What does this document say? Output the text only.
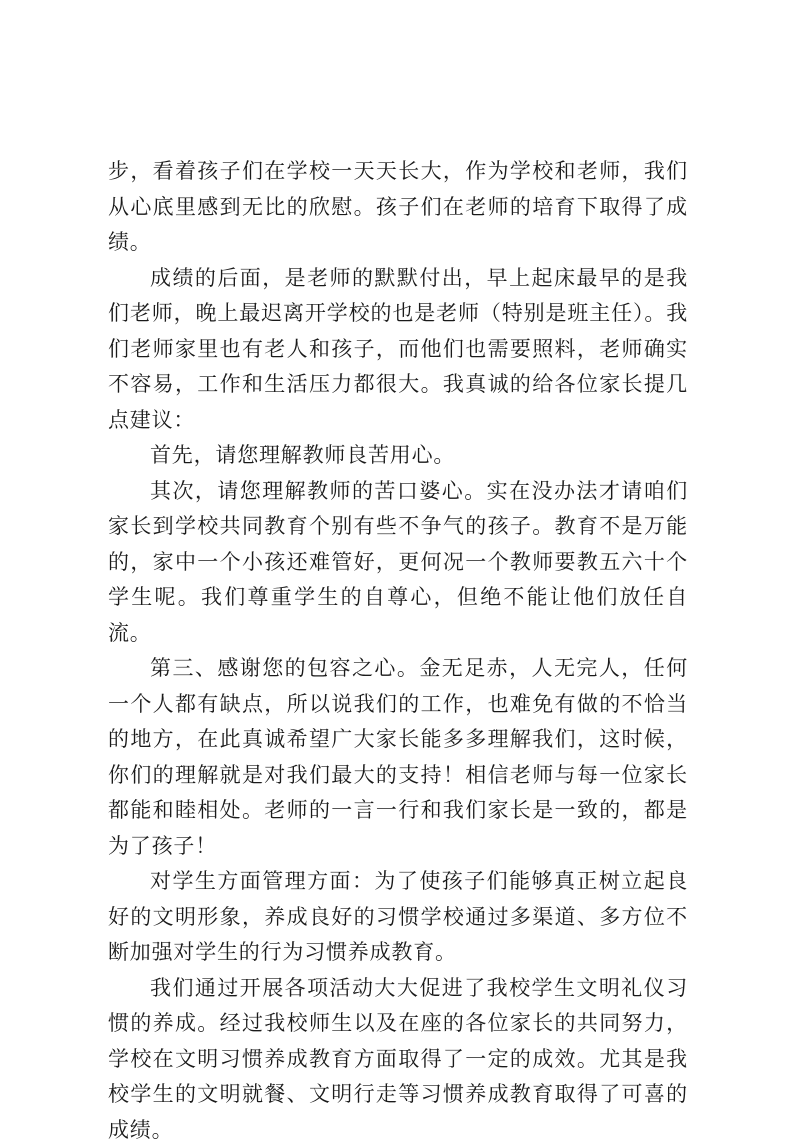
步，看着孩子们在学校一天天长大，作为学校和老师，我们从心底里感到无比的欣慰。孩子们在老师的培育下取得了成绩。

成绩的后面，是老师的默默付出，早上起床最早的是我们老师，晚上最迟离开学校的也是老师（特别是班主任）。我们老师家里也有老人和孩子，而他们也需要照料，老师确实不容易，工作和生活压力都很大。我真诚的给各位家长提几点建议：

首先，请您理解教师良苦用心。

其次，请您理解教师的苦口婆心。实在没办法才请咱们家长到学校共同教育个别有些不争气的孩子。教育不是万能的，家中一个小孩还难管好，更何况一个教师要教五六十个学生呢。我们尊重学生的自尊心，但绝不能让他们放任自流。

第三、感谢您的包容之心。金无足赤，人无完人，任何一个人都有缺点，所以说我们的工作，也难免有做的不恰当的地方，在此真诚希望广大家长能多多理解我们，这时候，你们的理解就是对我们最大的支持！相信老师与每一位家长都能和睦相处。老师的一言一行和我们家长是一致的，都是为了孩子！

对学生方面管理方面：为了使孩子们能够真正树立起良好的文明形象，养成良好的习惯学校通过多渠道、多方位不断加强对学生的行为习惯养成教育。

我们通过开展各项活动大大促进了我校学生文明礼仪习惯的养成。经过我校师生以及在座的各位家长的共同努力，学校在文明习惯养成教育方面取得了一定的成效。尤其是我校学生的文明就餐、文明行走等习惯养成教育取得了可喜的成绩。
